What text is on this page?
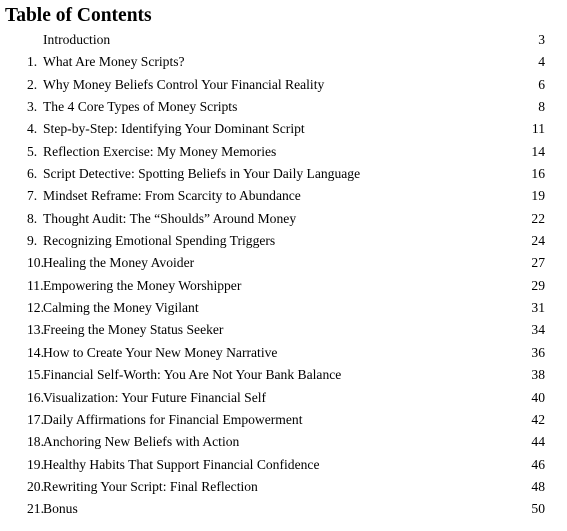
Table of Contents
Introduction	3
1. What Are Money Scripts?	4
2. Why Money Beliefs Control Your Financial Reality	6
3. The 4 Core Types of Money Scripts	8
4. Step-by-Step: Identifying Your Dominant Script	11
5. Reflection Exercise: My Money Memories	14
6. Script Detective: Spotting Beliefs in Your Daily Language	16
7. Mindset Reframe: From Scarcity to Abundance	19
8. Thought Audit: The “Shoulds” Around Money	22
9. Recognizing Emotional Spending Triggers	24
10. Healing the Money Avoider	27
11. Empowering the Money Worshipper	29
12. Calming the Money Vigilant	31
13. Freeing the Money Status Seeker	34
14. How to Create Your New Money Narrative	36
15. Financial Self-Worth: You Are Not Your Bank Balance	38
16. Visualization: Your Future Financial Self	40
17. Daily Affirmations for Financial Empowerment	42
18. Anchoring New Beliefs with Action	44
19. Healthy Habits That Support Financial Confidence	46
20. Rewriting Your Script: Final Reflection	48
21. Bonus	50
